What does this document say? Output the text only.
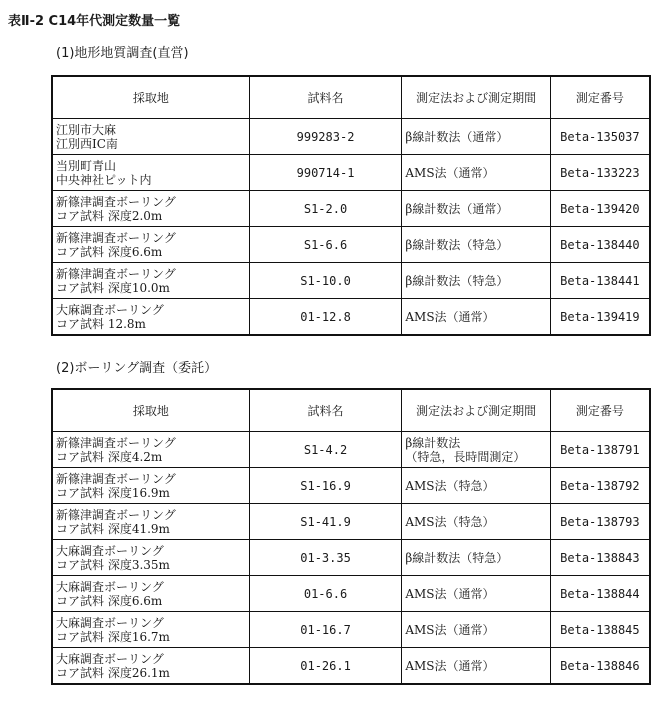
表Ⅱ-2 C14年代測定数量一覧
(1)地形地質調査(直営)
採取地	試料名	測定法および測定期間	測定番号

江別市大麻
江別西IC南	999283-2	β線計数法（通常）	Beta-135037

当別町青山
中央神社ピット内	990714-1	AMS法（通常）	Beta-133223

新篠津調査ボーリング
コア試料 深度2.0m	S1-2.0	β線計数法（通常）	Beta-139420

新篠津調査ボーリング
コア試料 深度6.6m	S1-6.6	β線計数法（特急）	Beta-138440

新篠津調査ボーリング
コア試料 深度10.0m	S1-10.0	β線計数法（特急）	Beta-138441

大麻調査ボーリング
コア試料 12.8m	01-12.8	AMS法（通常）	Beta-139419
(2)ボーリング調査（委託）
採取地	試料名	測定法および測定期間	測定番号

新篠津調査ボーリング
コア試料 深度4.2m	S1-4.2	β線計数法
（特急，長時間測定）	Beta-138791

新篠津調査ボーリング
コア試料 深度16.9m	S1-16.9	AMS法（特急）	Beta-138792

新篠津調査ボーリング
コア試料 深度41.9m	S1-41.9	AMS法（特急）	Beta-138793

大麻調査ボーリング
コア試料 深度3.35m	01-3.35	β線計数法（特急）	Beta-138843

大麻調査ボーリング
コア試料 深度6.6m	01-6.6	AMS法（通常）	Beta-138844

大麻調査ボーリング
コア試料 深度16.7m	01-16.7	AMS法（通常）	Beta-138845

大麻調査ボーリング
コア試料 深度26.1m	01-26.1	AMS法（通常）	Beta-138846
